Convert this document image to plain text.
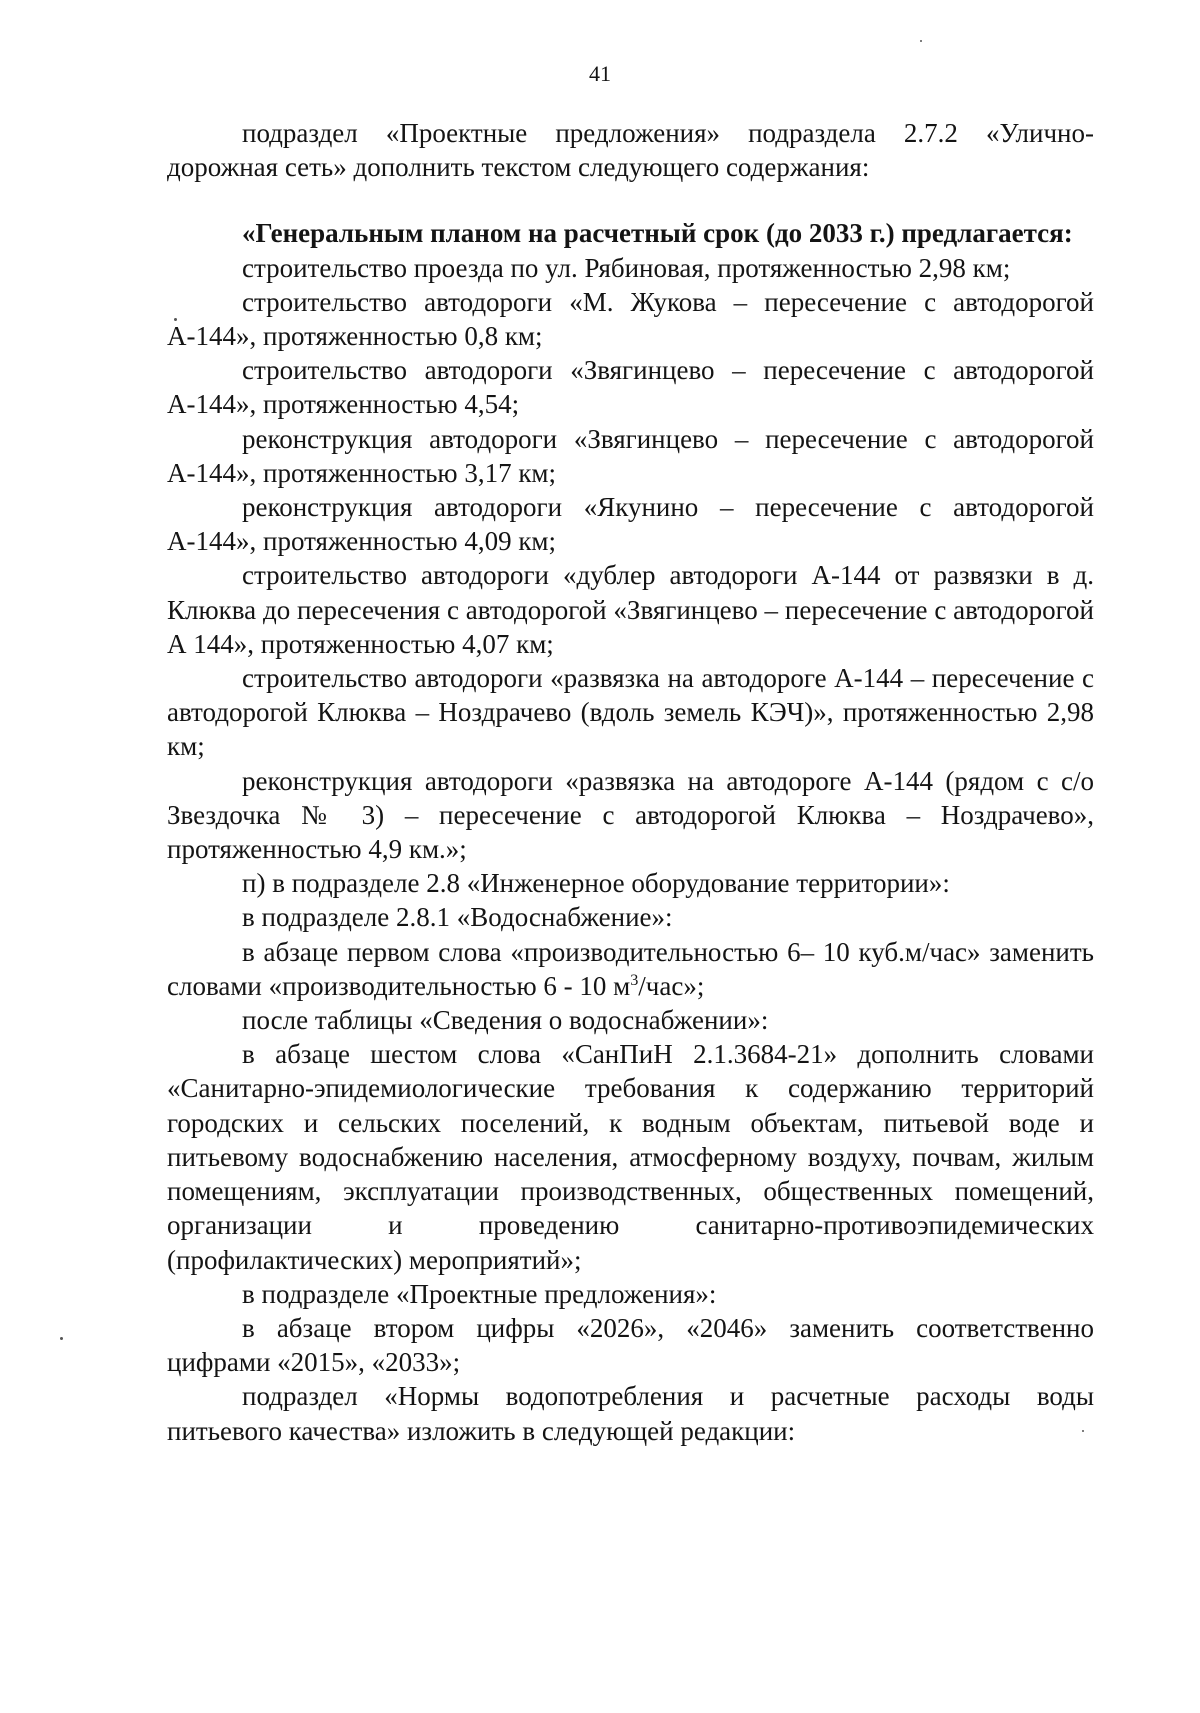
41

подраздел «Проектные предложения» подраздела 2.7.2 «Улично-дорожная сеть» дополнить текстом следующего содержания:

«Генеральным планом на расчетный срок (до 2033 г.) предлагается:

строительство проезда по ул. Рябиновая, протяженностью 2,98 км;

строительство автодороги «М. Жукова – пересечение с автодорогой А-144», протяженностью 0,8 км;

строительство автодороги «Звягинцево – пересечение с автодорогой А-144», протяженностью 4,54;

реконструкция автодороги «Звягинцево – пересечение с автодорогой А-144», протяженностью 3,17 км;

реконструкция автодороги «Якунино – пересечение с автодорогой А-144», протяженностью 4,09 км;

строительство автодороги «дублер автодороги А-144 от развязки в д. Клюква до пересечения с автодорогой «Звягинцево – пересечение с автодорогой А 144», протяженностью 4,07 км;

строительство автодороги «развязка на автодороге А-144 – пересечение с автодорогой Клюква – Ноздрачево (вдоль земель КЭЧ)», протяженностью 2,98 км;

реконструкция автодороги «развязка на автодороге А-144 (рядом с с/о Звездочка № 3) – пересечение с автодорогой Клюква – Ноздрачево», протяженностью 4,9 км.»;

п) в подразделе 2.8 «Инженерное оборудование территории»:

в подразделе 2.8.1 «Водоснабжение»:

в абзаце первом слова «производительностью 6– 10 куб.м/час» заменить словами «производительностью 6 - 10 $м^3$/час»;

после таблицы «Сведения о водоснабжении»:

в абзаце шестом слова «СанПиН 2.1.3684-21» дополнить словами «Санитарно-эпидемиологические требования к содержанию территорий городских и сельских поселений, к водным объектам, питьевой воде и питьевому водоснабжению населения, атмосферному воздуху, почвам, жилым помещениям, эксплуатации производственных, общественных помещений, организации и проведению санитарно-противоэпидемических (профилактических) мероприятий»;

в подразделе «Проектные предложения»:

в абзаце втором цифры «2026», «2046» заменить соответственно цифрами «2015», «2033»;

подраздел «Нормы водопотребления и расчетные расходы воды питьевого качества» изложить в следующей редакции:
